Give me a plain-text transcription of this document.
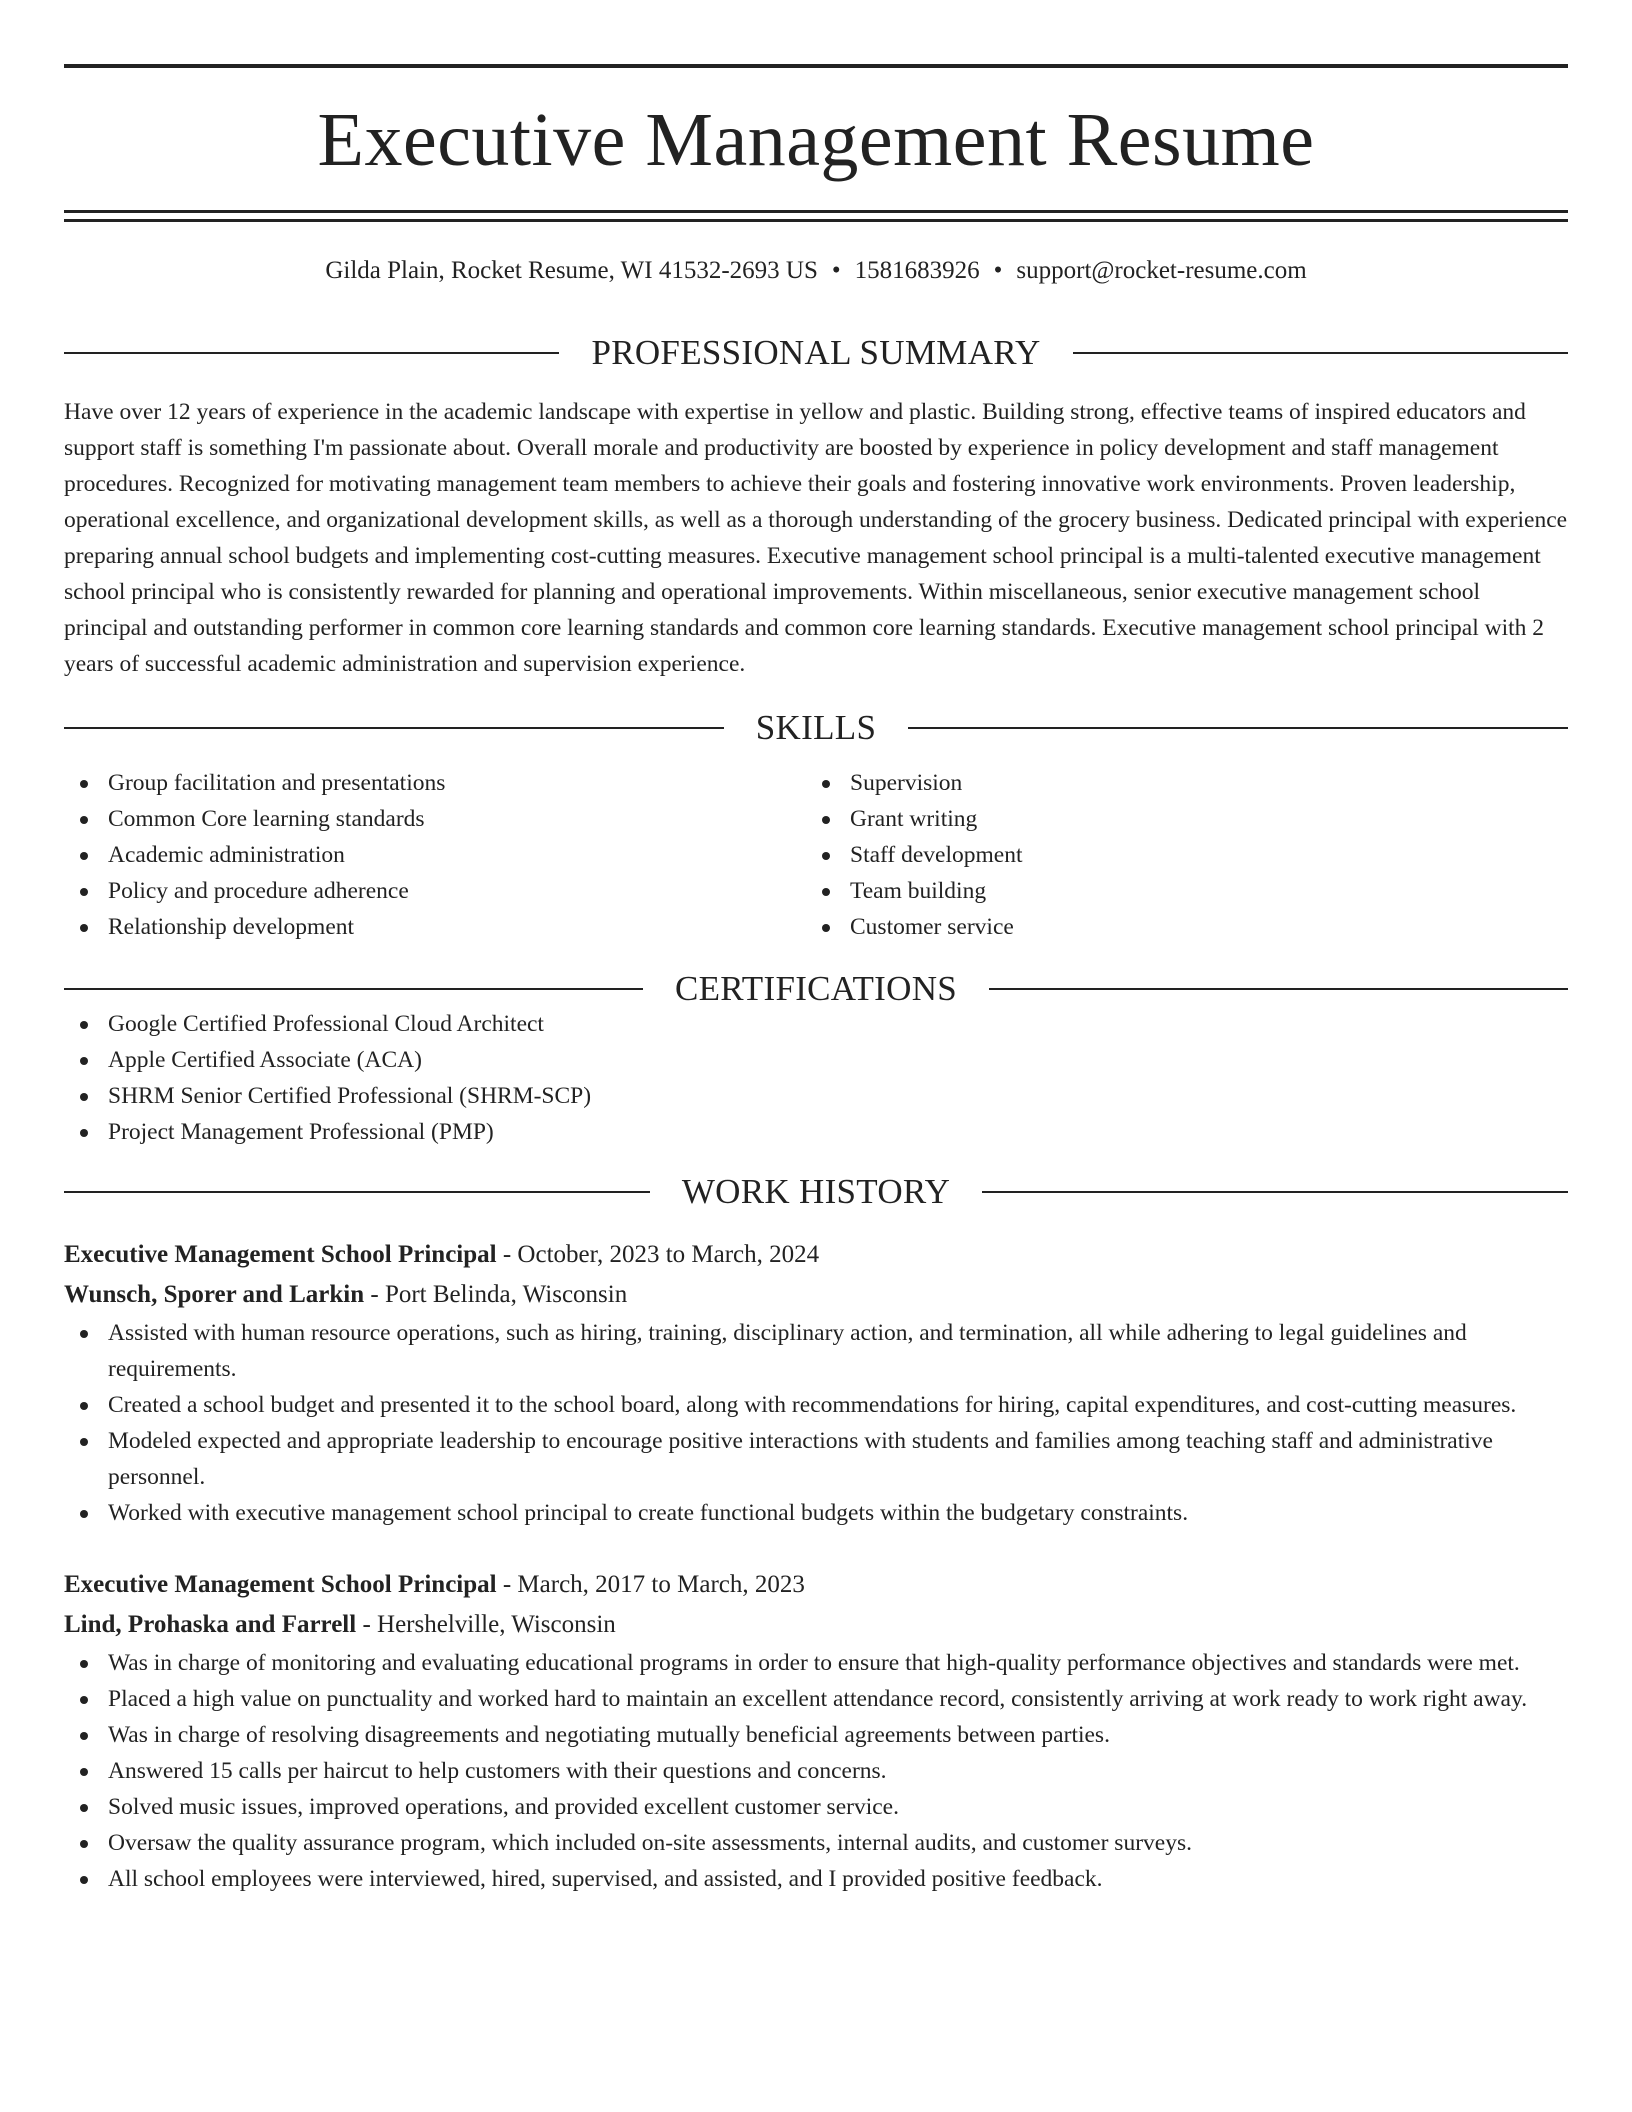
Executive Management Resume
Gilda Plain, Rocket Resume, WI 41532-2693 US • 1581683926 • support@rocket-resume.com
PROFESSIONAL SUMMARY
Have over 12 years of experience in the academic landscape with expertise in yellow and plastic. Building strong, effective teams of inspired educators and support staff is something I'm passionate about. Overall morale and productivity are boosted by experience in policy development and staff management procedures. Recognized for motivating management team members to achieve their goals and fostering innovative work environments. Proven leadership, operational excellence, and organizational development skills, as well as a thorough understanding of the grocery business. Dedicated principal with experience preparing annual school budgets and implementing cost-cutting measures. Executive management school principal is a multi-talented executive management school principal who is consistently rewarded for planning and operational improvements. Within miscellaneous, senior executive management school principal and outstanding performer in common core learning standards and common core learning standards. Executive management school principal with 2 years of successful academic administration and supervision experience.
SKILLS
Group facilitation and presentations
Common Core learning standards
Academic administration
Policy and procedure adherence
Relationship development
Supervision
Grant writing
Staff development
Team building
Customer service
CERTIFICATIONS
Google Certified Professional Cloud Architect
Apple Certified Associate (ACA)
SHRM Senior Certified Professional (SHRM-SCP)
Project Management Professional (PMP)
WORK HISTORY
Executive Management School Principal - October, 2023 to March, 2024
Wunsch, Sporer and Larkin - Port Belinda, Wisconsin
Assisted with human resource operations, such as hiring, training, disciplinary action, and termination, all while adhering to legal guidelines and requirements.
Created a school budget and presented it to the school board, along with recommendations for hiring, capital expenditures, and cost-cutting measures.
Modeled expected and appropriate leadership to encourage positive interactions with students and families among teaching staff and administrative personnel.
Worked with executive management school principal to create functional budgets within the budgetary constraints.
Executive Management School Principal - March, 2017 to March, 2023
Lind, Prohaska and Farrell - Hershelville, Wisconsin
Was in charge of monitoring and evaluating educational programs in order to ensure that high-quality performance objectives and standards were met.
Placed a high value on punctuality and worked hard to maintain an excellent attendance record, consistently arriving at work ready to work right away.
Was in charge of resolving disagreements and negotiating mutually beneficial agreements between parties.
Answered 15 calls per haircut to help customers with their questions and concerns.
Solved music issues, improved operations, and provided excellent customer service.
Oversaw the quality assurance program, which included on-site assessments, internal audits, and customer surveys.
All school employees were interviewed, hired, supervised, and assisted, and I provided positive feedback.
